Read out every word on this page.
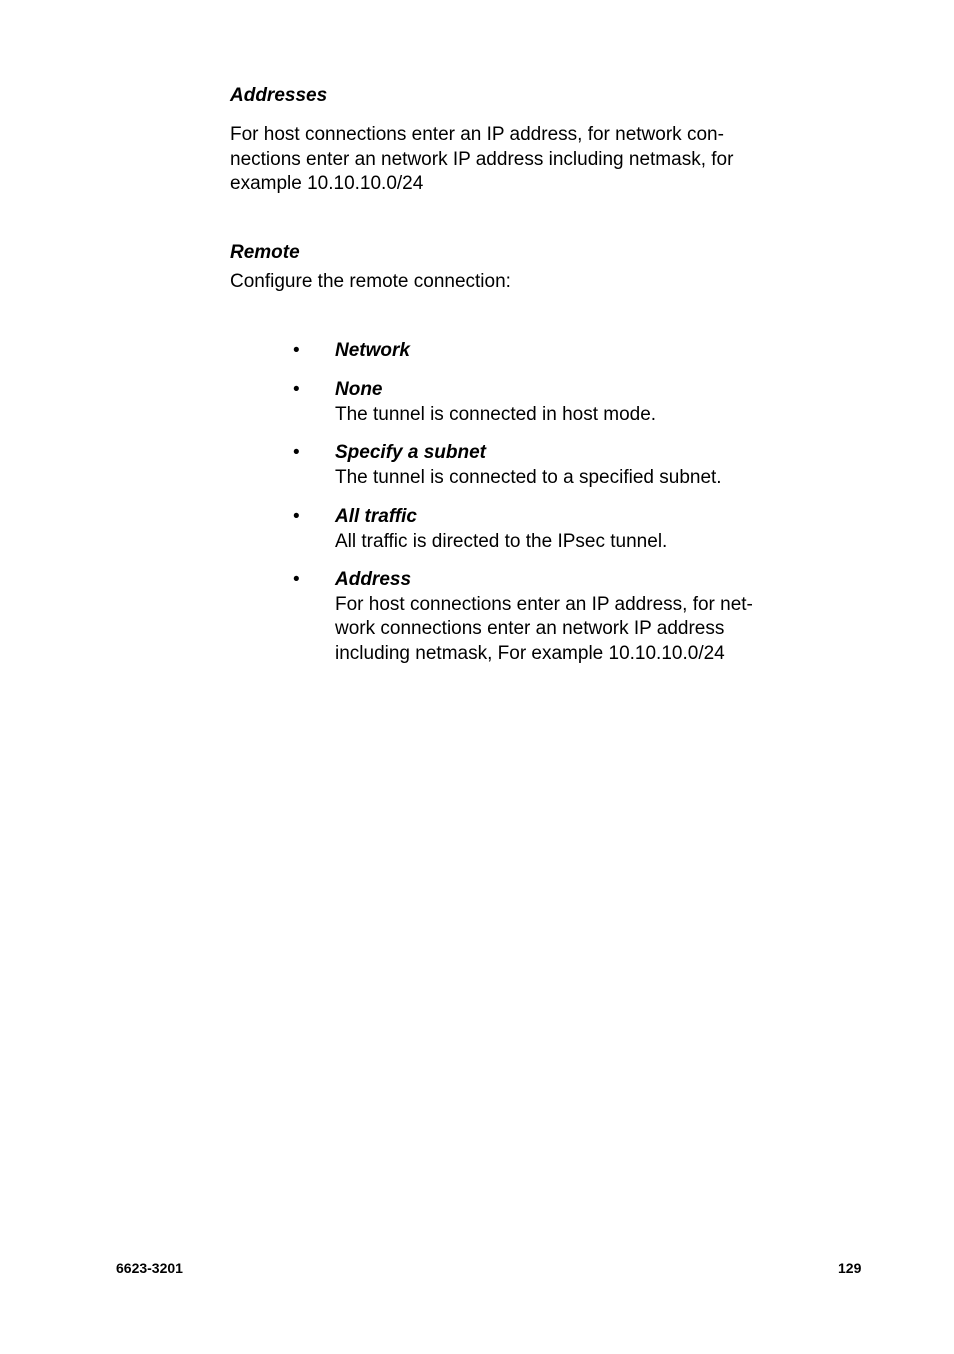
Addresses

For host connections enter an IP address, for network con- nections enter an network IP address including netmask, for example 10.10.10.0/24

Remote

Configure the remote connection:

• Network
• None
The tunnel is connected in host mode.
• Specify a subnet
The tunnel is connected to a specified subnet.
• All traffic
All traffic is directed to the IPsec tunnel.
• Address
For host connections enter an IP address, for net- work connections enter an network IP address including netmask, For example 10.10.10.0/24
6623-3201	129
